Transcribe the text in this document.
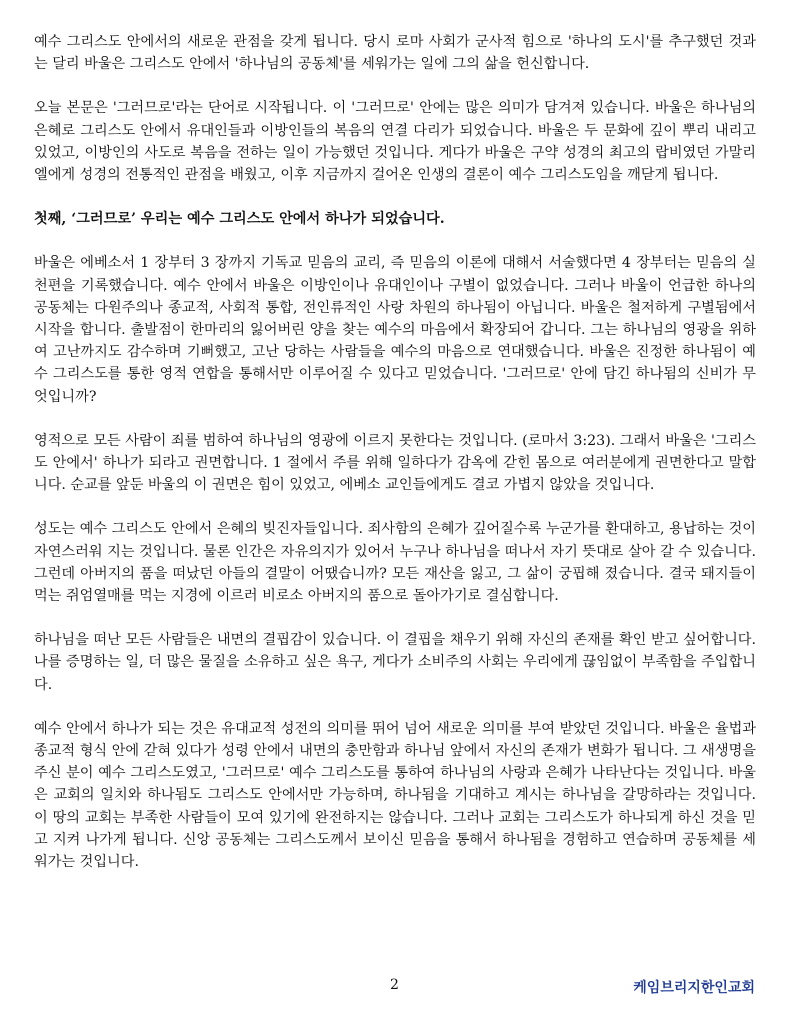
예수 그리스도 안에서의 새로운 관점을 갖게 됩니다. 당시 로마 사회가 군사적 힘으로 '하나의 도시'를 추구했던 것과는 달리 바울은 그리스도 안에서 '하나님의 공동체'를 세워가는 일에 그의 삶을 헌신합니다.

오늘 본문은 '그러므로'라는 단어로 시작됩니다. 이 '그러므로' 안에는 많은 의미가 담겨져 있습니다. 바울은 하나님의 은혜로 그리스도 안에서 유대인들과 이방인들의 복음의 연결 다리가 되었습니다. 바울은 두 문화에 깊이 뿌리 내리고 있었고, 이방인의 사도로 복음을 전하는 일이 가능했던 것입니다. 게다가 바울은 구약 성경의 최고의 랍비였던 가말리엘에게 성경의 전통적인 관점을 배웠고, 이후 지금까지 걸어온 인생의 결론이 예수 그리스도임을 깨닫게 됩니다.

첫째, ‘그러므로’ 우리는 예수 그리스도 안에서 하나가 되었습니다.

바울은 에베소서 1 장부터 3 장까지 기독교 믿음의 교리, 즉 믿음의 이론에 대해서 서술했다면 4 장부터는 믿음의 실천편을 기록했습니다. 예수 안에서 바울은 이방인이나 유대인이나 구별이 없었습니다. 그러나 바울이 언급한 하나의 공동체는 다원주의나 종교적, 사회적 통합, 전인류적인 사랑 차원의 하나됨이 아닙니다. 바울은 철저하게 구별됨에서 시작을 합니다. 출발점이 한마리의 잃어버린 양을 찾는 예수의 마음에서 확장되어 갑니다. 그는 하나님의 영광을 위하여 고난까지도 감수하며 기뻐했고, 고난 당하는 사람들을 예수의 마음으로 연대했습니다. 바울은 진정한 하나됨이 예수 그리스도를 통한 영적 연합을 통해서만 이루어질 수 있다고 믿었습니다. '그러므로' 안에 담긴 하나됨의 신비가 무엇입니까?

영적으로 모든 사람이 죄를 범하여 하나님의 영광에 이르지 못한다는 것입니다. (로마서 3:23). 그래서 바울은 '그리스도 안에서' 하나가 되라고 권면합니다. 1 절에서 주를 위해 일하다가 감옥에 갇힌 몸으로 여러분에게 권면한다고 말합니다. 순교를 앞둔 바울의 이 권면은 힘이 있었고, 에베소 교인들에게도 결코 가볍지 않았을 것입니다.

성도는 예수 그리스도 안에서 은혜의 빚진자들입니다. 죄사함의 은혜가 깊어질수록 누군가를 환대하고, 용납하는 것이 자연스러워 지는 것입니다. 물론 인간은 자유의지가 있어서 누구나 하나님을 떠나서 자기 뜻대로 살아 갈 수 있습니다. 그런데 아버지의 품을 떠났던 아들의 결말이 어땠습니까? 모든 재산을 잃고, 그 삶이 궁핍해 졌습니다. 결국 돼지들이 먹는 쥐엄열매를 먹는 지경에 이르러 비로소 아버지의 품으로 돌아가기로 결심합니다.

하나님을 떠난 모든 사람들은 내면의 결핍감이 있습니다. 이 결핍을 채우기 위해 자신의 존재를 확인 받고 싶어합니다. 나를 증명하는 일, 더 많은 물질을 소유하고 싶은 욕구, 게다가 소비주의 사회는 우리에게 끊임없이 부족함을 주입합니다.

예수 안에서 하나가 되는 것은 유대교적 성전의 의미를 뛰어 넘어 새로운 의미를 부여 받았던 것입니다. 바울은 율법과 종교적 형식 안에 갇혀 있다가 성령 안에서 내면의 충만함과 하나님 앞에서 자신의 존재가 변화가 됩니다. 그 새생명을 주신 분이 예수 그리스도였고, '그러므로' 예수 그리스도를 통하여 하나님의 사랑과 은혜가 나타난다는 것입니다. 바울은 교회의 일치와 하나됨도 그리스도 안에서만 가능하며, 하나됨을 기대하고 계시는 하나님을 갈망하라는 것입니다. 이 땅의 교회는 부족한 사람들이 모여 있기에 완전하지는 않습니다. 그러나 교회는 그리스도가 하나되게 하신 것을 믿고 지켜 나가게 됩니다. 신앙 공동체는 그리스도께서 보이신 믿음을 통해서 하나됨을 경험하고 연습하며 공동체를 세워가는 것입니다.

2	케임브리지한인교회
